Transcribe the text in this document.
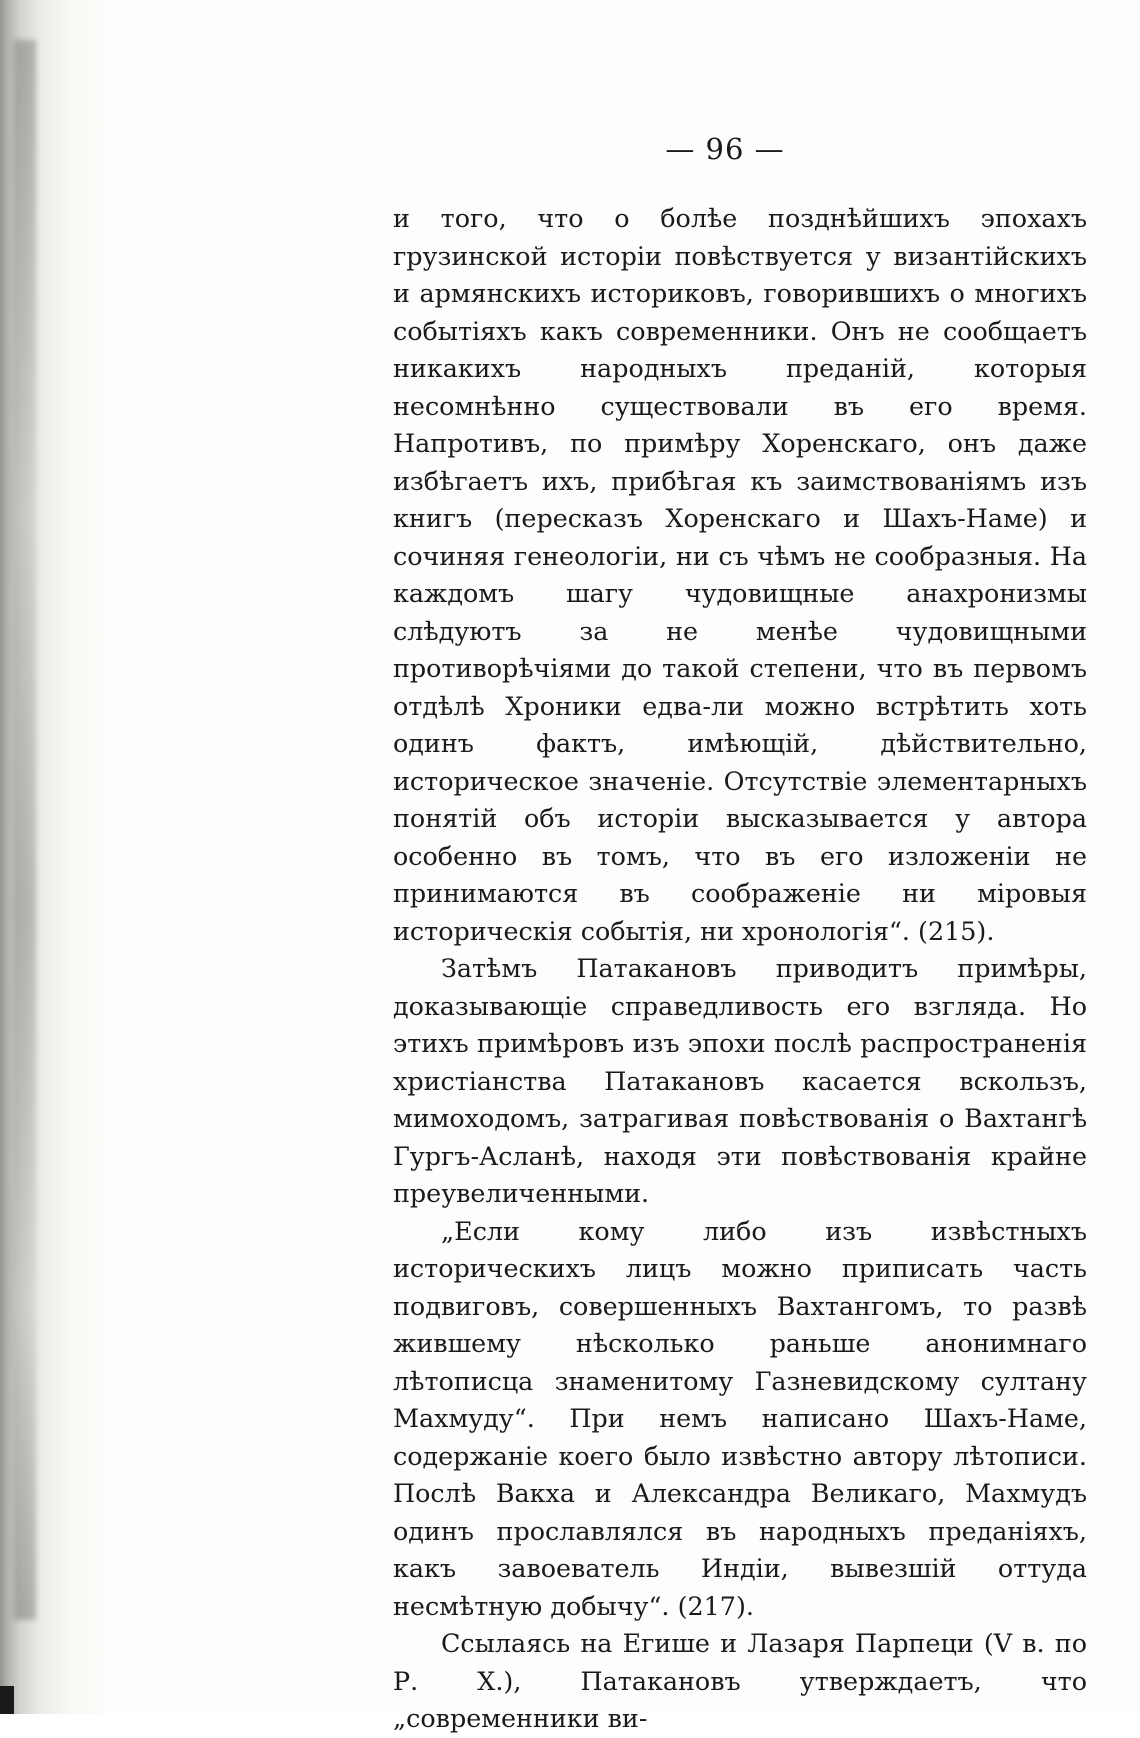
— 96 —

и того, что о болѣе позднѣйшихъ эпохахъ грузинской исторіи повѣствуется у византійскихъ и армянскихъ историковъ, говорившихъ о многихъ событіяхъ какъ современники. Онъ не сообщаетъ никакихъ народныхъ преданій, которыя несомнѣнно существовали въ его время. Напротивъ, по примѣру Хоренскаго, онъ даже избѣгаетъ ихъ, прибѣгая къ заимствованіямъ изъ книгъ (пересказъ Хоренскаго и Шахъ-Наме) и сочиняя генеологіи, ни съ чѣмъ не сообразныя. На каждомъ шагу чудовищные анахронизмы слѣдуютъ за не менѣе чудовищными противорѣчіями до такой степени, что въ первомъ отдѣлѣ Хроники едва-ли можно встрѣтить хоть одинъ фактъ, имѣющій, дѣйствительно, историческое значеніе. Отсутствіе элементарныхъ понятій объ исторіи высказывается у автора особенно въ томъ, что въ его изложеніи не принимаются въ соображеніе ни міровыя историческія событія, ни хронологія“. (215).

Затѣмъ Патакановъ приводитъ примѣры, доказывающіе справедливость его взгляда. Но этихъ примѣровъ изъ эпохи послѣ распространенія христіанства Патакановъ касается вскользъ, мимоходомъ, затрагивая повѣствованія о Вахтангѣ Гургъ-Асланѣ, находя эти повѣствованія крайне преувеличенными.

„Если кому либо изъ извѣстныхъ историческихъ лицъ можно приписать часть подвиговъ, совершенныхъ Вахтангомъ, то развѣ жившему нѣсколько раньше анонимнаго лѣтописца знаменитому Газневидскому султану Махмуду“. При немъ написано Шахъ-Наме, содержаніе коего было извѣстно автору лѣтописи. Послѣ Вакха и Александра Великаго, Махмудъ одинъ прославлялся въ народныхъ преданіяхъ, какъ завоеватель Индіи, вывезшій оттуда несмѣтную добычу“. (217).

Ссылаясь на Егише и Лазаря Парпеци (V в. по Р. Х.), Патакановъ утверждаетъ, что „современники ви-
